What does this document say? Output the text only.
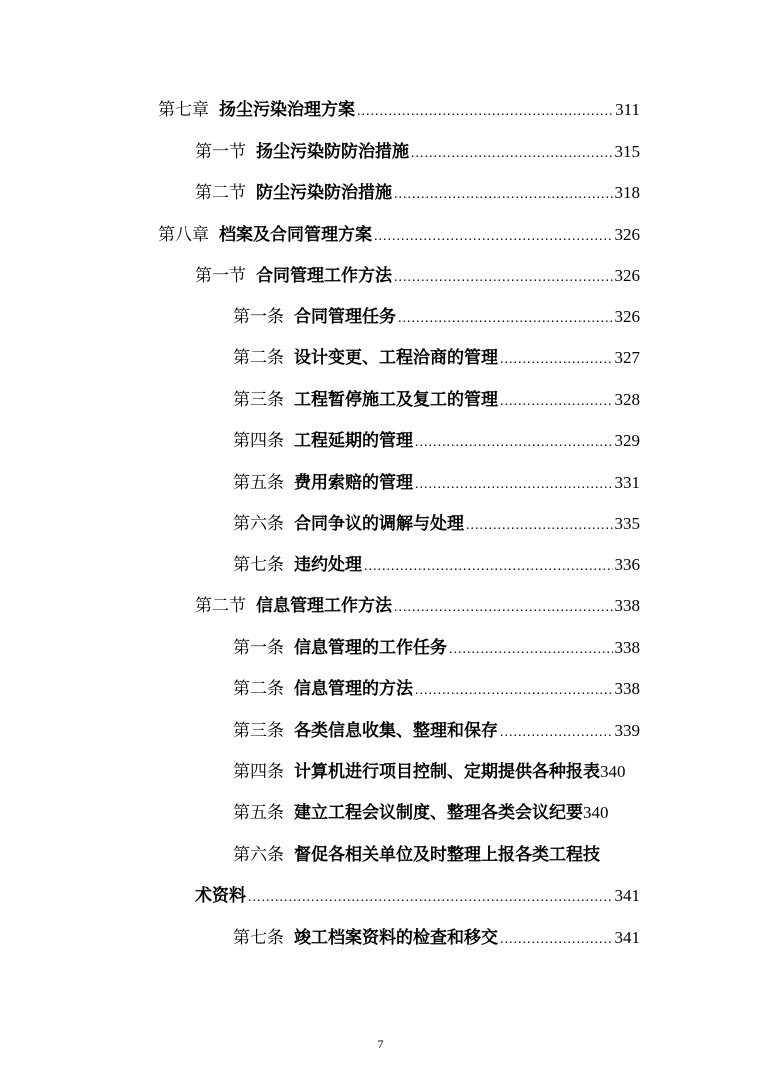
第七章 扬尘污染治理方案 .....	311
第一节 扬尘污染防防治措施 .....	315
第二节 防尘污染防治措施 .....	318
第八章 档案及合同管理方案 .....	326
第一节 合同管理工作方法 .....	326
第一条 合同管理任务 .....	326
第二条 设计变更、工程洽商的管理 .....	327
第三条 工程暂停施工及复工的管理 .....	328
第四条 工程延期的管理 .....	329
第五条 费用索赔的管理 .....	331
第六条 合同争议的调解与处理 .....	335
第七条 违约处理 .....	336
第二节 信息管理工作方法 .....	338
第一条 信息管理的工作任务 .....	338
第二条 信息管理的方法 .....	338
第三条 各类信息收集、整理和保存 .....	339
第四条 计算机进行项目控制、定期提供各种报表 340
第五条 建立工程会议制度、整理各类会议纪要 340
第六条 督促各相关单位及时整理上报各类工程技
术资料 .....	341
第七条 竣工档案资料的检查和移交 .....	341
7
